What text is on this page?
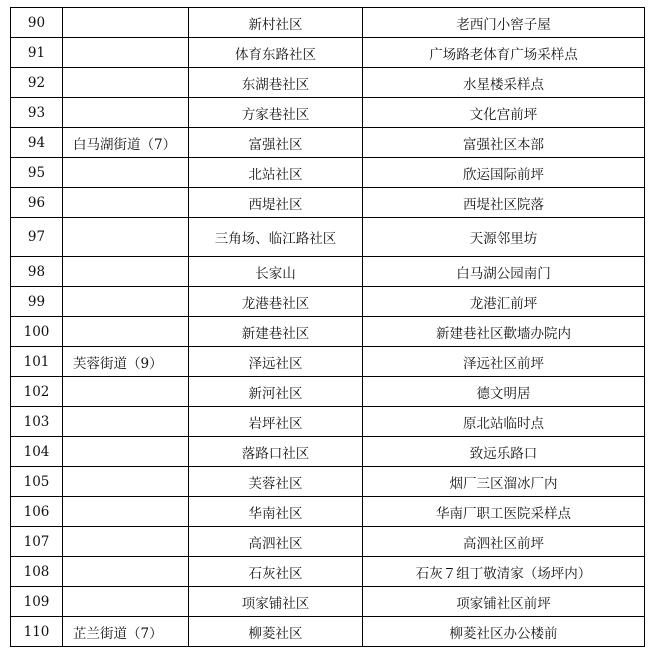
90		新村社区	老西门小窖子屋
91		体育东路社区	广场路老体育广场采样点
92		东湖巷社区	水星楼采样点
93		方家巷社区	文化宫前坪
94	白马湖街道（7）	富强社区	富强社区本部
95		北站社区	欣运国际前坪
96		西堤社区	西堤社区院落
97		三角场、临江路社区	天源邻里坊
98		长家山	白马湖公园南门
99		龙港巷社区	龙港汇前坪
100		新建巷社区	新建巷社区歡墻办院内
101	芙蓉街道（9）	泽远社区	泽远社区前坪
102		新河社区	德文明居
103		岩坪社区	原北站临时点
104		落路口社区	致远乐路口
105		芙蓉社区	烟厂三区溜冰厂内
106		华南社区	华南厂职工医院采样点
107		高泗社区	高泗社区前坪
108		石灰社区	石灰７组丁敬清家（场坪内）
109		项家铺社区	项家铺社区前坪
110	芷兰街道（7）	柳菱社区	柳菱社区办公楼前
